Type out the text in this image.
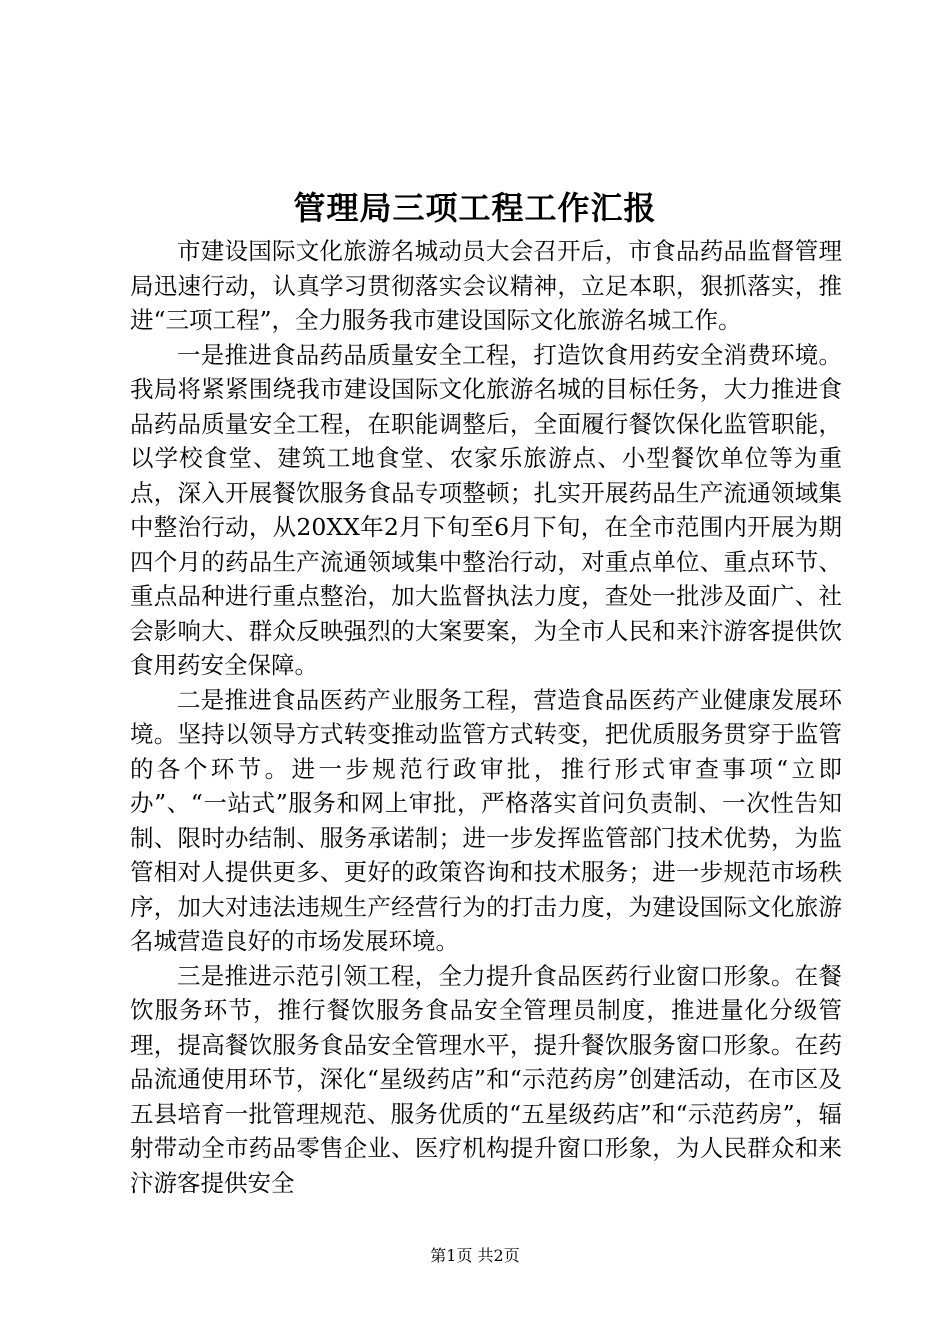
管理局三项工程工作汇报

市建设国际文化旅游名城动员大会召开后，市食品药品监督管理局迅速行动，认真学习贯彻落实会议精神，立足本职，狠抓落实，推进“三项工程”，全力服务我市建设国际文化旅游名城工作。

一是推进食品药品质量安全工程，打造饮食用药安全消费环境。我局将紧紧围绕我市建设国际文化旅游名城的目标任务，大力推进食品药品质量安全工程，在职能调整后，全面履行餐饮保化监管职能，以学校食堂、建筑工地食堂、农家乐旅游点、小型餐饮单位等为重点，深入开展餐饮服务食品专项整顿；扎实开展药品生产流通领域集中整治行动，从20XX年2月下旬至6月下旬，在全市范围内开展为期四个月的药品生产流通领域集中整治行动，对重点单位、重点环节、重点品种进行重点整治，加大监督执法力度，查处一批涉及面广、社会影响大、群众反映强烈的大案要案，为全市人民和来汴游客提供饮食用药安全保障。

二是推进食品医药产业服务工程，营造食品医药产业健康发展环境。坚持以领导方式转变推动监管方式转变，把优质服务贯穿于监管的各个环节。进一步规范行政审批，推行形式审查事项“立即办”、“一站式”服务和网上审批，严格落实首问负责制、一次性告知制、限时办结制、服务承诺制；进一步发挥监管部门技术优势，为监管相对人提供更多、更好的政策咨询和技术服务；进一步规范市场秩序，加大对违法违规生产经营行为的打击力度，为建设国际文化旅游名城营造良好的市场发展环境。

三是推进示范引领工程，全力提升食品医药行业窗口形象。在餐饮服务环节，推行餐饮服务食品安全管理员制度，推进量化分级管理，提高餐饮服务食品安全管理水平，提升餐饮服务窗口形象。在药品流通使用环节，深化“星级药店”和“示范药房”创建活动，在市区及五县培育一批管理规范、服务优质的“五星级药店”和“示范药房”，辐射带动全市药品零售企业、医疗机构提升窗口形象，为人民群众和来汴游客提供安全

第1页 共2页
